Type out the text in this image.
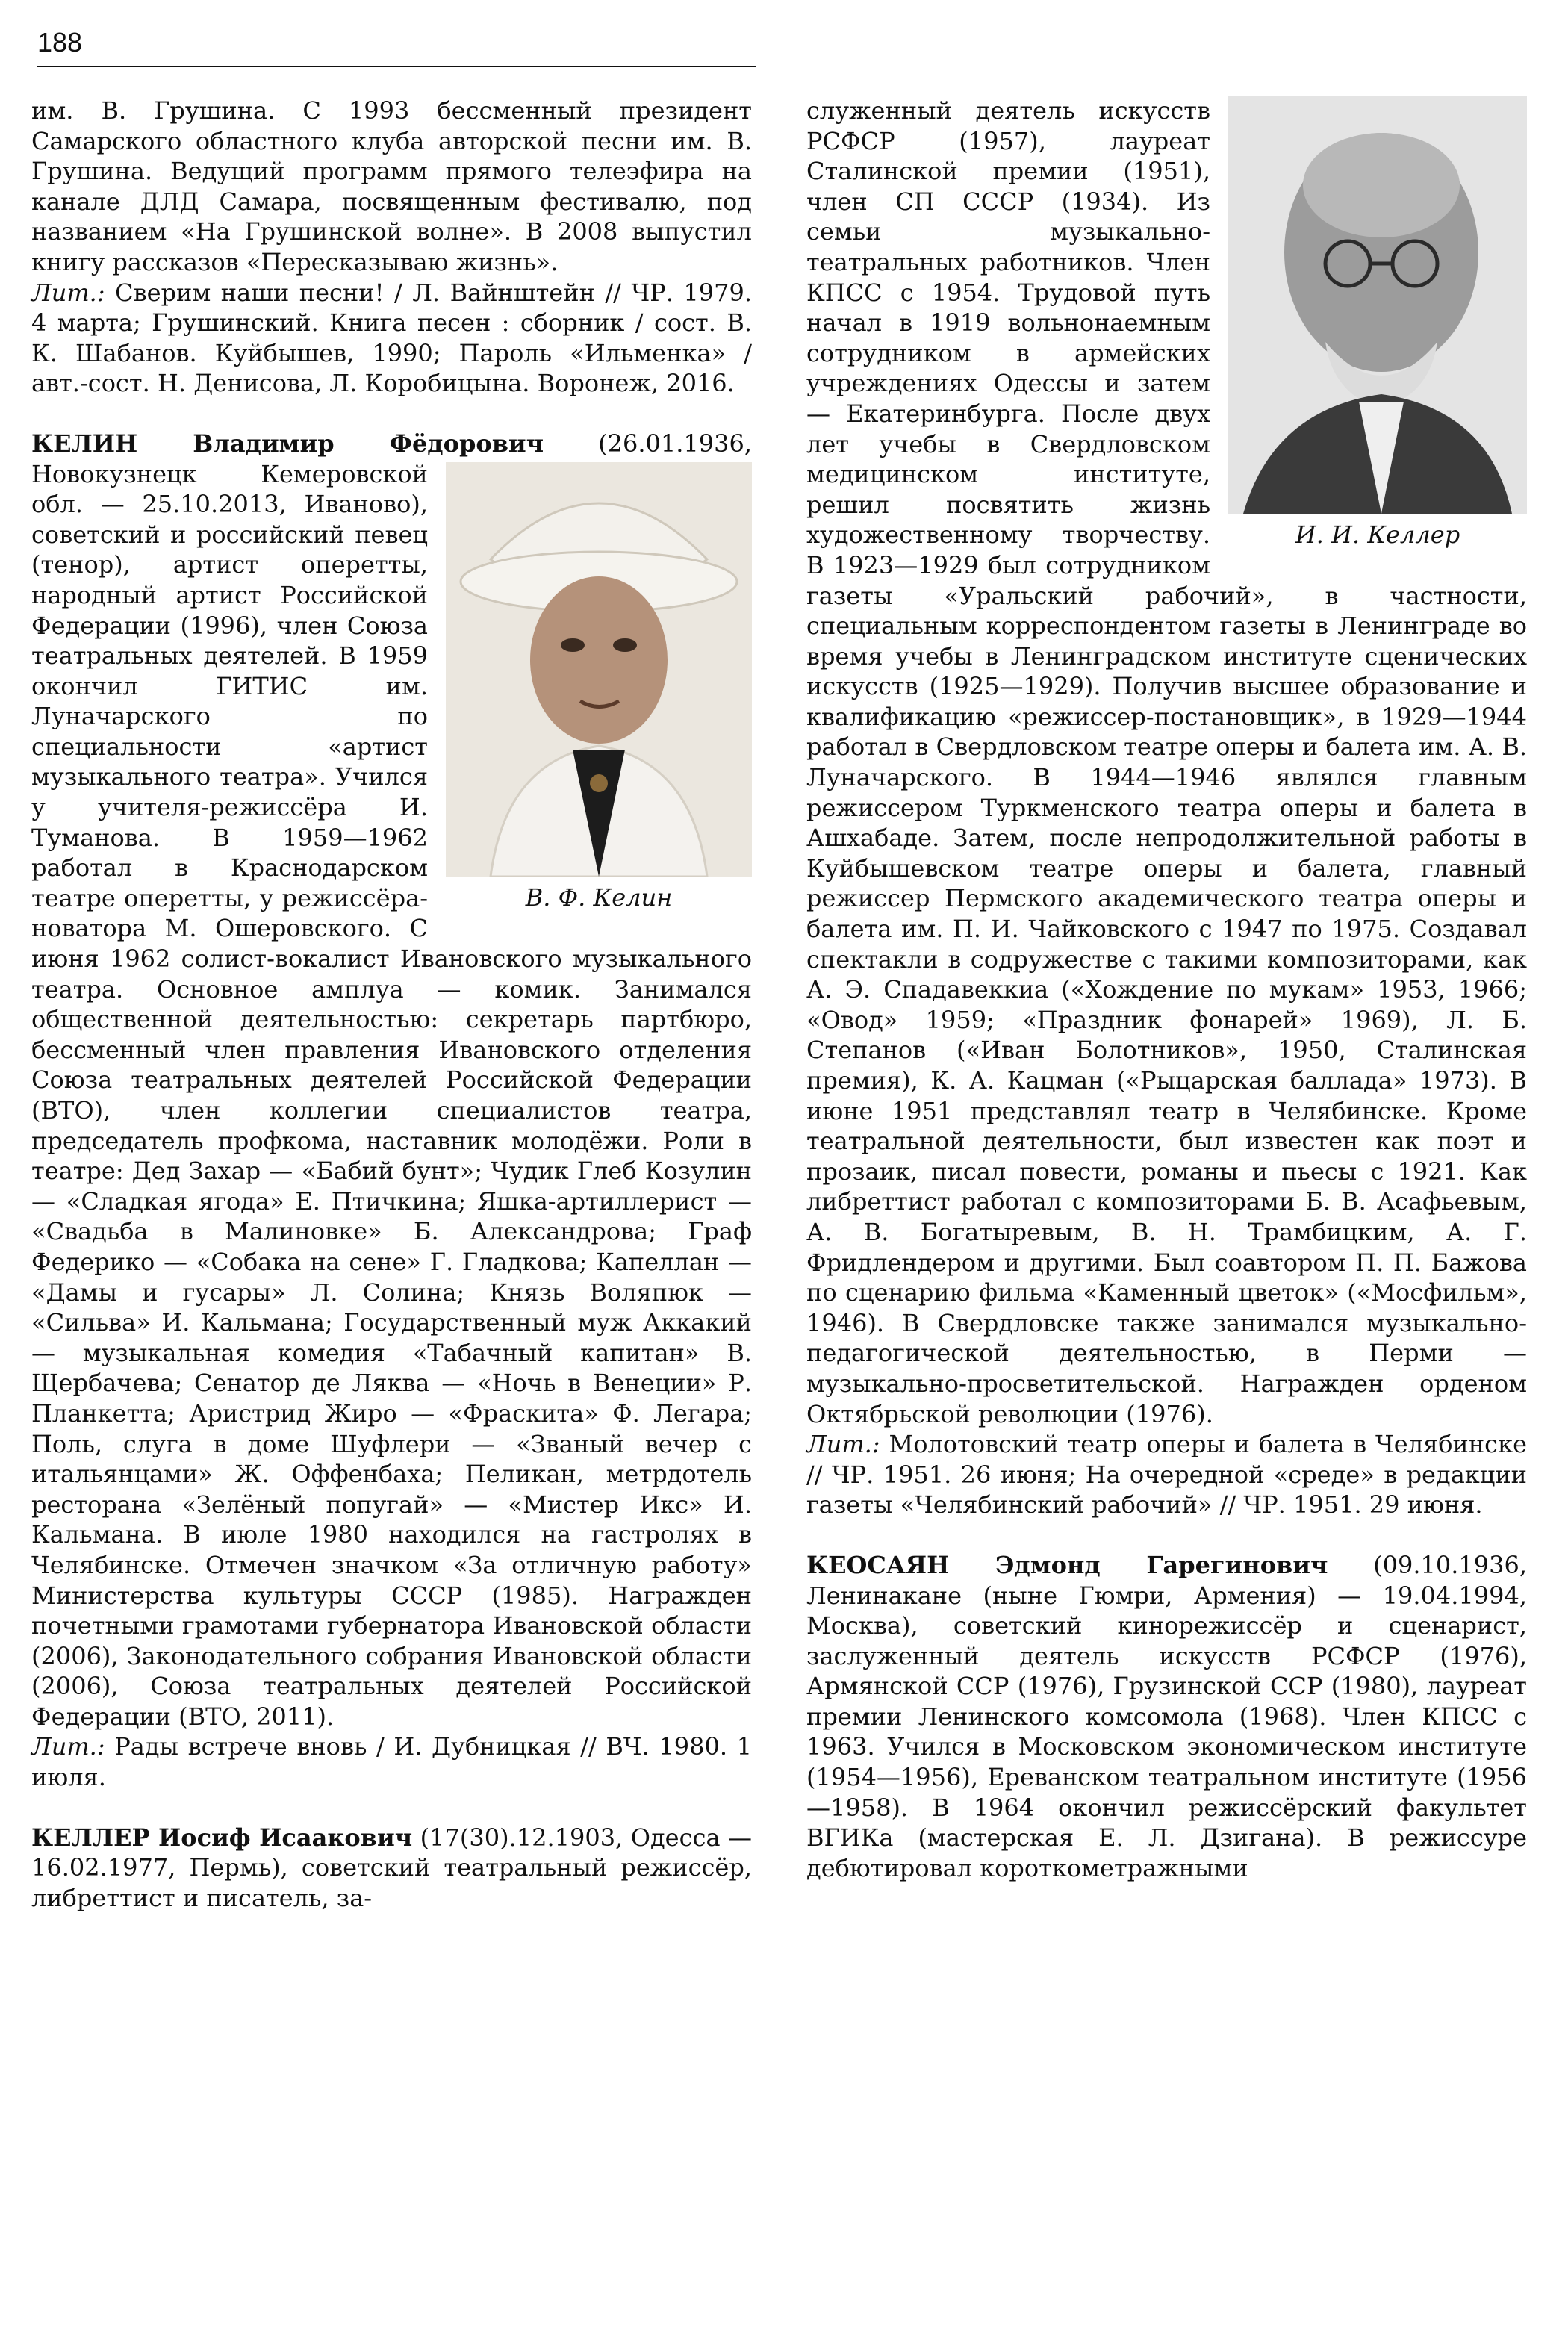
188

им. В. Грушина. С 1993 бессменный президент Самарского областного клуба авторской песни им. В. Грушина. Ведущий программ прямого телеэфира на канале ДЛД Самара, посвященным фестивалю, под названием «На Грушинской волне». В 2008 выпустил книгу рассказов «Пересказываю жизнь».

Лит.: Сверим наши песни! / Л. Вайнштейн // ЧР. 1979. 4 марта; Грушинский. Книга песен : сборник / сост. В. К. Шабанов. Куйбышев, 1990; Пароль «Ильменка» / авт.-сост. Н. Денисова, Л. Коробицына. Воронеж, 2016.

КЕЛИН Владимир Фёдорович
В. Ф. Келин
(26.01.1936, Новокузнецк Кемеровской обл. — 25.10.2013, Иваново), советский и российский певец (тенор), артист оперетты, народный артист Российской Федерации (1996), член Союза театральных деятелей. В 1959 окончил ГИТИС им. Луначарского по специальности «артист музыкального театра». Учился у учителя-режиссёра И. Туманова. В 1959—1962 работал в Краснодарском театре оперетты, у режиссёра-новатора М. Ошеровского. С июня 1962 солист-вокалист Ивановского музыкального театра. Основное амплуа — комик. Занимался общественной деятельностью: секретарь партбюро, бессменный член правления Ивановского отделения Союза театральных деятелей Российской Федерации (ВТО), член коллегии специалистов театра, председатель профкома, наставник молодёжи. Роли в театре: Дед Захар — «Бабий бунт»; Чудик Глеб Козулин — «Сладкая ягода» Е. Птичкина; Яшка-артиллерист — «Свадьба в Малиновке» Б. Александрова; Граф Федерико — «Собака на сене» Г. Гладкова; Капеллан — «Дамы и гусары» Л. Солина; Князь Воляпюк — «Сильва» И. Кальмана; Государственный муж Аккакий — музыкальная комедия «Табачный капитан» В. Щербачева; Сенатор де Ляква — «Ночь в Венеции» Р. Планкетта; Аристрид Жиро — «Фраскита» Ф. Легара; Поль, слуга в доме Шуфлери — «Званый вечер с итальянцами» Ж. Оффенбаха; Пеликан, метрдотель ресторана «Зелёный попугай» — «Мистер Икс» И. Кальмана. В июле 1980 находился на гастролях в Челябинске. Отмечен значком «За отличную работу» Министерства культуры СССР (1985). Награжден почетными грамотами губернатора Ивановской области (2006), Законодательного собрания Ивановской области (2006), Союза театральных деятелей Российской Федерации (ВТО, 2011).

Лит.: Рады встрече вновь / И. Дубницкая // ВЧ. 1980. 1 июля.

КЕЛЛЕР Иосиф Исаакович (17(30).12.1903, Одесса — 16.02.1977, Пермь), советский театральный режиссёр, либреттист и писатель, за-

И. И. Келлер
служенный деятель искусств РСФСР (1957), лауреат Сталинской премии (1951), член СП СССР (1934). Из семьи музыкально-театральных работников. Член КПСС с 1954. Трудовой путь начал в 1919 вольнонаемным сотрудником в армейских учреждениях Одессы и затем — Екатеринбурга. После двух лет учебы в Свердловском медицинском институте, решил посвятить жизнь художественному творчеству. В 1923—1929 был сотрудником газеты «Уральский рабочий», в частности, специальным корреспондентом газеты в Ленинграде во время учебы в Ленинградском институте сценических искусств (1925—1929). Получив высшее образование и квалификацию «режиссер-постановщик», в 1929—1944 работал в Свердловском театре оперы и балета им. А. В. Луначарского. В 1944—1946 являлся главным режиссером Туркменского театра оперы и балета в Ашхабаде. Затем, после непродолжительной работы в Куйбышевском театре оперы и балета, главный режиссер Пермского академического театра оперы и балета им. П. И. Чайковского с 1947 по 1975. Создавал спектакли в содружестве с такими композиторами, как А. Э. Спадавеккиа («Хождение по мукам» 1953, 1966; «Овод» 1959; «Праздник фонарей» 1969), Л. Б. Степанов («Иван Болотников», 1950, Сталинская премия), К. А. Кацман («Рыцарская баллада» 1973). В июне 1951 представлял театр в Челябинске. Кроме театральной деятельности, был известен как поэт и прозаик, писал повести, романы и пьесы с 1921. Как либреттист работал с композиторами Б. В. Асафьевым, А. В. Богатыревым, В. Н. Трамбицким, А. Г. Фридлендером и другими. Был соавтором П. П. Бажова по сценарию фильма «Каменный цветок» («Мосфильм», 1946). В Свердловске также занимался музыкально-педагогической деятельностью, в Перми — музыкально-просветительской. Награжден орденом Октябрьской революции (1976).

Лит.: Молотовский театр оперы и балета в Челябинске // ЧР. 1951. 26 июня; На очередной «среде» в редакции газеты «Челябинский рабочий» // ЧР. 1951. 29 июня.

КЕОСАЯН Эдмонд Гарегинович (09.10.1936, Ленинакане (ныне Гюмри, Армения) — 19.04.1994, Москва), советский кинорежиссёр и сценарист, заслуженный деятель искусств РСФСР (1976), Армянской ССР (1976), Грузинской ССР (1980), лауреат премии Ленинского комсомола (1968). Член КПСС с 1963. Учился в Московском экономическом институте (1954—1956), Ереванском театральном институте (1956—1958). В 1964 окончил режиссёрский факультет ВГИКа (мастерская Е. Л. Дзигана). В режиссуре дебютировал короткометражными
